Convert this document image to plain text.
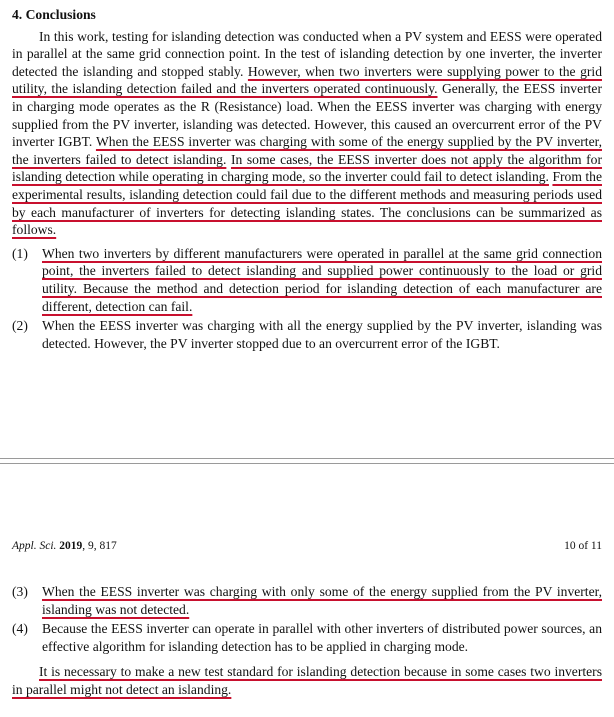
4. Conclusions

In this work, testing for islanding detection was conducted when a PV system and EESS were operated in parallel at the same grid connection point. In the test of islanding detection by one inverter, the inverter detected the islanding and stopped stably. However, when two inverters were supplying power to the grid utility, the islanding detection failed and the inverters operated continuously. Generally, the EESS inverter in charging mode operates as the R (Resistance) load. When the EESS inverter was charging with energy supplied from the PV inverter, islanding was detected. However, this caused an overcurrent error of the PV inverter IGBT. When the EESS inverter was charging with some of the energy supplied by the PV inverter, the inverters failed to detect islanding. In some cases, the EESS inverter does not apply the algorithm for islanding detection while operating in charging mode, so the inverter could fail to detect islanding. From the experimental results, islanding detection could fail due to the different methods and measuring periods used by each manufacturer of inverters for detecting islanding states. The conclusions can be summarized as follows.

(1) When two inverters by different manufacturers were operated in parallel at the same grid connection point, the inverters failed to detect islanding and supplied power continuously to the load or grid utility. Because the method and detection period for islanding detection of each manufacturer are different, detection can fail.

(2) When the EESS inverter was charging with all the energy supplied by the PV inverter, islanding was detected. However, the PV inverter stopped due to an overcurrent error of the IGBT.

Appl. Sci. 2019, 9, 817	10 of 11

(3) When the EESS inverter was charging with only some of the energy supplied from the PV inverter, islanding was not detected.

(4) Because the EESS inverter can operate in parallel with other inverters of distributed power sources, an effective algorithm for islanding detection has to be applied in charging mode.

It is necessary to make a new test standard for islanding detection because in some cases two inverters in parallel might not detect an islanding.
